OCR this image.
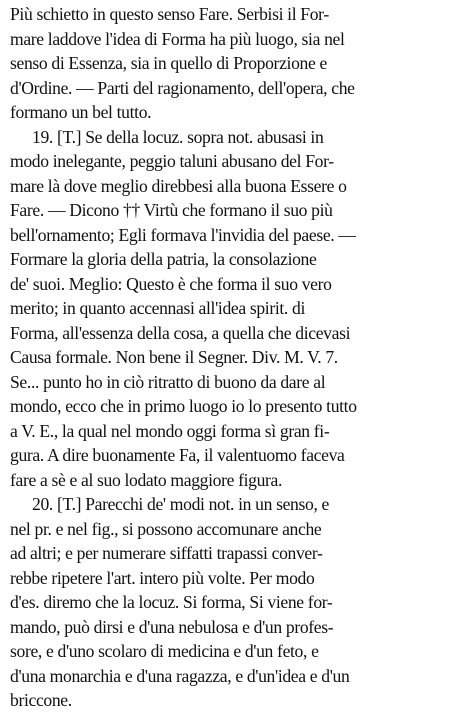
Più schietto in questo senso Fare. Serbisi il For-
mare laddove l'idea di Forma ha più luogo, sia nel
senso di Essenza, sia in quello di Proporzione e
d'Ordine. — Parti del ragionamento, dell'opera, che
formano un bel tutto.
19. [T.] Se della locuz. sopra not. abusasi in
modo inelegante, peggio taluni abusano del For-
mare là dove meglio direbbesi alla buona Essere o
Fare. — Dicono †† Virtù che formano il suo più
bell'ornamento; Egli formava l'invidia del paese. —
Formare la gloria della patria, la consolazione
de' suoi. Meglio: Questo è che forma il suo vero
merito; in quanto accennasi all'idea spirit. di
Forma, all'essenza della cosa, a quella che dicevasi
Causa formale. Non bene il Segner. Div. M. V. 7.
Se... punto ho in ciò ritratto di buono da dare al
mondo, ecco che in primo luogo io lo presento tutto
a V. E., la qual nel mondo oggi forma sì gran fi-
gura. A dire buonamente Fa, il valentuomo faceva
fare a sè e al suo lodato maggiore figura.
20. [T.] Parecchi de' modi not. in un senso, e
nel pr. e nel fig., si possono accomunare anche
ad altri; e per numerare siffatti trapassi conver-
rebbe ripetere l'art. intero più volte. Per modo
d'es. diremo che la locuz. Si forma, Si viene for-
mando, può dirsi e d'una nebulosa e d'un profes-
sore, e d'uno scolaro di medicina e d'un feto, e
d'una monarchia e d'una ragazza, e d'un'idea e d'un
briccone.
